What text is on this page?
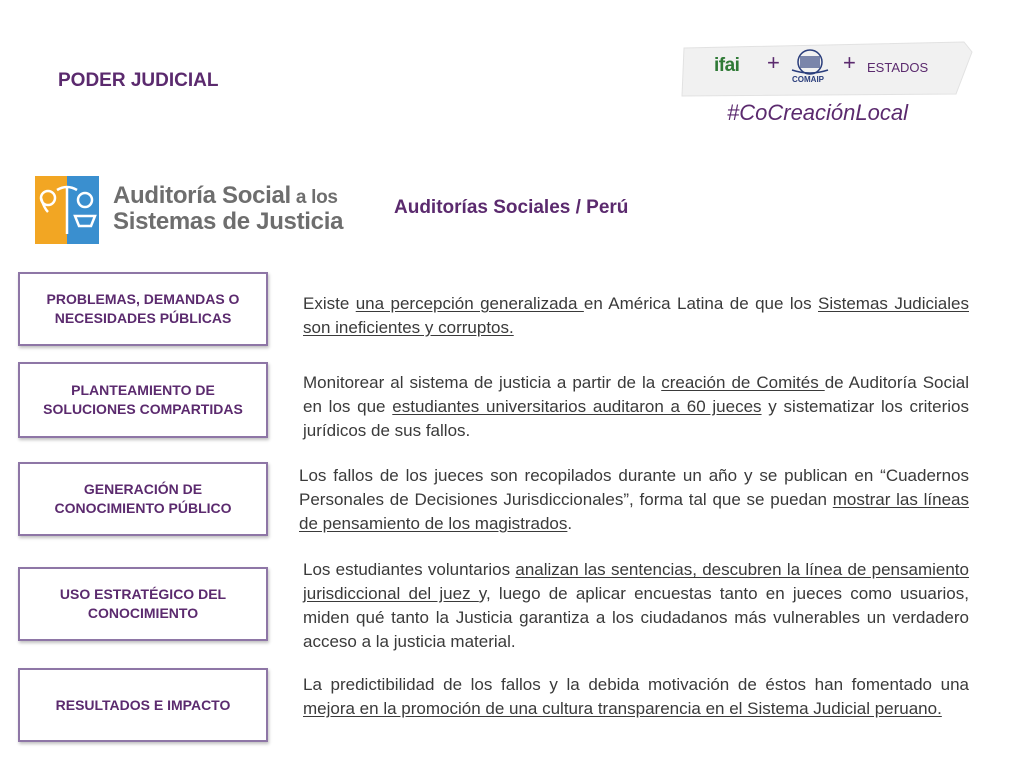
PODER JUDICIAL
ifai +
COMAIP
+ ESTADOS
#CoCreaciónLocal
Auditoría Social a los
Sistemas de Justicia
Auditorías Sociales / Perú
PROBLEMAS, DEMANDAS O NECESIDADES PÚBLICAS
Existe una percepción generalizada en América Latina de que los Sistemas Judiciales son ineficientes y corruptos.
PLANTEAMIENTO DE SOLUCIONES COMPARTIDAS
Monitorear al sistema de justicia a partir de la creación de Comités de Auditoría Social en los que estudiantes universitarios auditaron a 60 jueces y sistematizar los criterios jurídicos de sus fallos.
GENERACIÓN DE CONOCIMIENTO PÚBLICO
Los fallos de los jueces son recopilados durante un año y se publican en “Cuadernos Personales de Decisiones Jurisdiccionales”, forma tal que se puedan mostrar las líneas de pensamiento de los magistrados.
USO ESTRATÉGICO DEL CONOCIMIENTO
Los estudiantes voluntarios analizan las sentencias, descubren la línea de pensamiento jurisdiccional del juez y, luego de aplicar encuestas tanto en jueces como usuarios, miden qué tanto la Justicia garantiza a los ciudadanos más vulnerables un verdadero acceso a la justicia material.
RESULTADOS E IMPACTO
La predictibilidad de los fallos y la debida motivación de éstos han fomentado una mejora en la promoción de una cultura transparencia en el Sistema Judicial peruano.
